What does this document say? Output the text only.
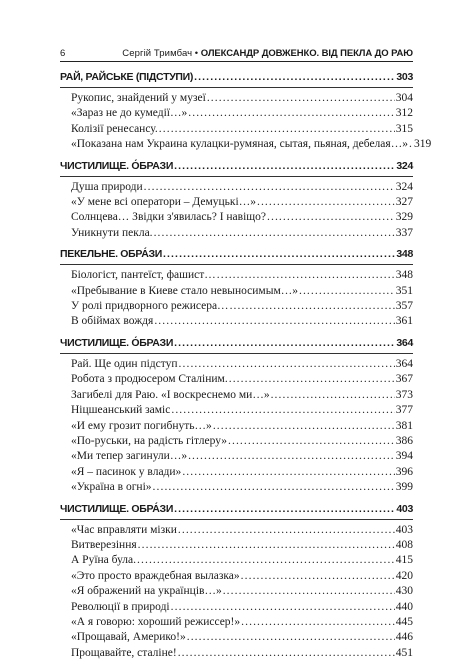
6	Сергій Тримбач • ОЛЕКСАНДР ДОВЖЕНКО. ВІД ПЕКЛА ДО РАЮ
РАЙ, РАЙСЬКЕ (ПІДСТУПИ) .....	303
Рукопис, знайдений у музеї .....	304
«Зараз не до кумедії…» .....	312
Колізії ренесансу. .....	315
«Показана нам Украина кулацки-румяная, сытая, пьяная, дебелая…» ..... 319
ЧИСТИЛИЩЕ. О́БРАЗИ .....	324
Душа природи .....	324
«У мене всі оператори – Демуцькі…» .....	327
Солнцева… Звідки з'явилась? І навіщо? .....	329
Уникнути пекла. .....	337
ПЕКЕЛЬНЕ. ОБРА́ЗИ .....	348
Біологіст, пантеїст, фашист… .....	348
«Пребывание в Киеве стало невыносимым…» .....	351
У ролі придворного режисера… .....	357
В обіймах вождя .....	361
ЧИСТИЛИЩЕ. О́БРАЗИ .....	364
Рай. Ще один підступ .....	364
Робота з продюсером Сталіним. .....	367
Загибелі для Раю. «І воскреснемо ми…» .....	373
Ніцшеанський заміс .....	377
«И ему грозит погибнуть…» .....	381
«По-руськи, на радість гітлеру» .....	386
«Ми тепер загинули…» .....	394
«Я – пасинок у влади» .....	396
«Україна в огні» .....	399
ЧИСТИЛИЩЕ. ОБРА́ЗИ .....	403
«Час вправляти мізки .....	403
Витверезіння .....	408
А Руїна була. .....	415
«Это просто враждебная вылазка» .....	420
«Я ображений на українців…» .....	430
Революції в природі .....	440
«А я говорю: хороший режиссер!» .....	445
«Прощавай, Америко!» .....	446
Прощавайте, сталіне! .....	451
